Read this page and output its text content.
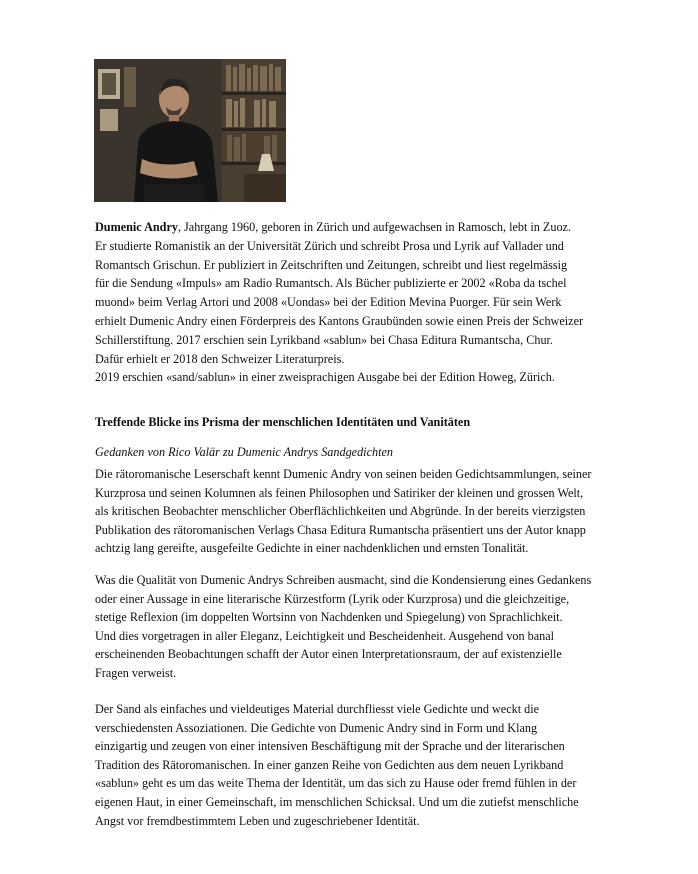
Dumenic Andry, Jahrgang 1960, geboren in Zürich und aufgewachsen in Ramosch, lebt in Zuoz.
Er studierte Romanistik an der Universität Zürich und schreibt Prosa und Lyrik auf Vallader und
Romantsch Grischun. Er publiziert in Zeitschriften und Zeitungen, schreibt und liest regelmässig
für die Sendung «Impuls» am Radio Rumantsch. Als Bücher publizierte er 2002 «Roba da tschel
muond» beim Verlag Artori und 2008 «Uondas» bei der Edition Mevina Puorger. Für sein Werk
erhielt Dumenic Andry einen Förderpreis des Kantons Graubünden sowie einen Preis der Schweizer
Schillerstiftung. 2017 erschien sein Lyrikband «sablun» bei Chasa Editura Rumantscha, Chur.
Dafür erhielt er 2018 den Schweizer Literaturpreis.
2019 erschien «sand/sablun» in einer zweisprachigen Ausgabe bei der Edition Howeg, Zürich.
Treffende Blicke ins Prisma der menschlichen Identitäten und Vanitäten
Gedanken von Rico Valär zu Dumenic Andrys Sandgedichten
Die rätoromanische Leserschaft kennt Dumenic Andry von seinen beiden Gedichtsammlungen, seiner
Kurzprosa und seinen Kolumnen als feinen Philosophen und Satiriker der kleinen und grossen Welt,
als kritischen Beobachter menschlicher Oberflächlichkeiten und Abgründe. In der bereits vierzigsten
Publikation des rätoromanischen Verlags Chasa Editura Rumantscha präsentiert uns der Autor knapp
achtzig lang gereifte, ausgefeilte Gedichte in einer nachdenklichen und ernsten Tonalität.
Was die Qualität von Dumenic Andrys Schreiben ausmacht, sind die Kondensierung eines Gedankens
oder einer Aussage in eine literarische Kürzestform (Lyrik oder Kurzprosa) und die gleichzeitige,
stetige Reflexion (im doppelten Wortsinn von Nachdenken und Spiegelung) von Sprachlichkeit.
Und dies vorgetragen in aller Eleganz, Leichtigkeit und Bescheidenheit. Ausgehend von banal
erscheinenden Beobachtungen schafft der Autor einen Interpretationsraum, der auf existenzielle
Fragen verweist.
Der Sand als einfaches und vieldeutiges Material durchfliesst viele Gedichte und weckt die
verschiedensten Assoziationen. Die Gedichte von Dumenic Andry sind in Form und Klang
einzigartig und zeugen von einer intensiven Beschäftigung mit der Sprache und der literarischen
Tradition des Rätoromanischen. In einer ganzen Reihe von Gedichten aus dem neuen Lyrikband
«sablun» geht es um das weite Thema der Identität, um das sich zu Hause oder fremd fühlen in der
eigenen Haut, in einer Gemeinschaft, im menschlichen Schicksal. Und um die zutiefst menschliche
Angst vor fremdbestimmtem Leben und zugeschriebener Identität.
